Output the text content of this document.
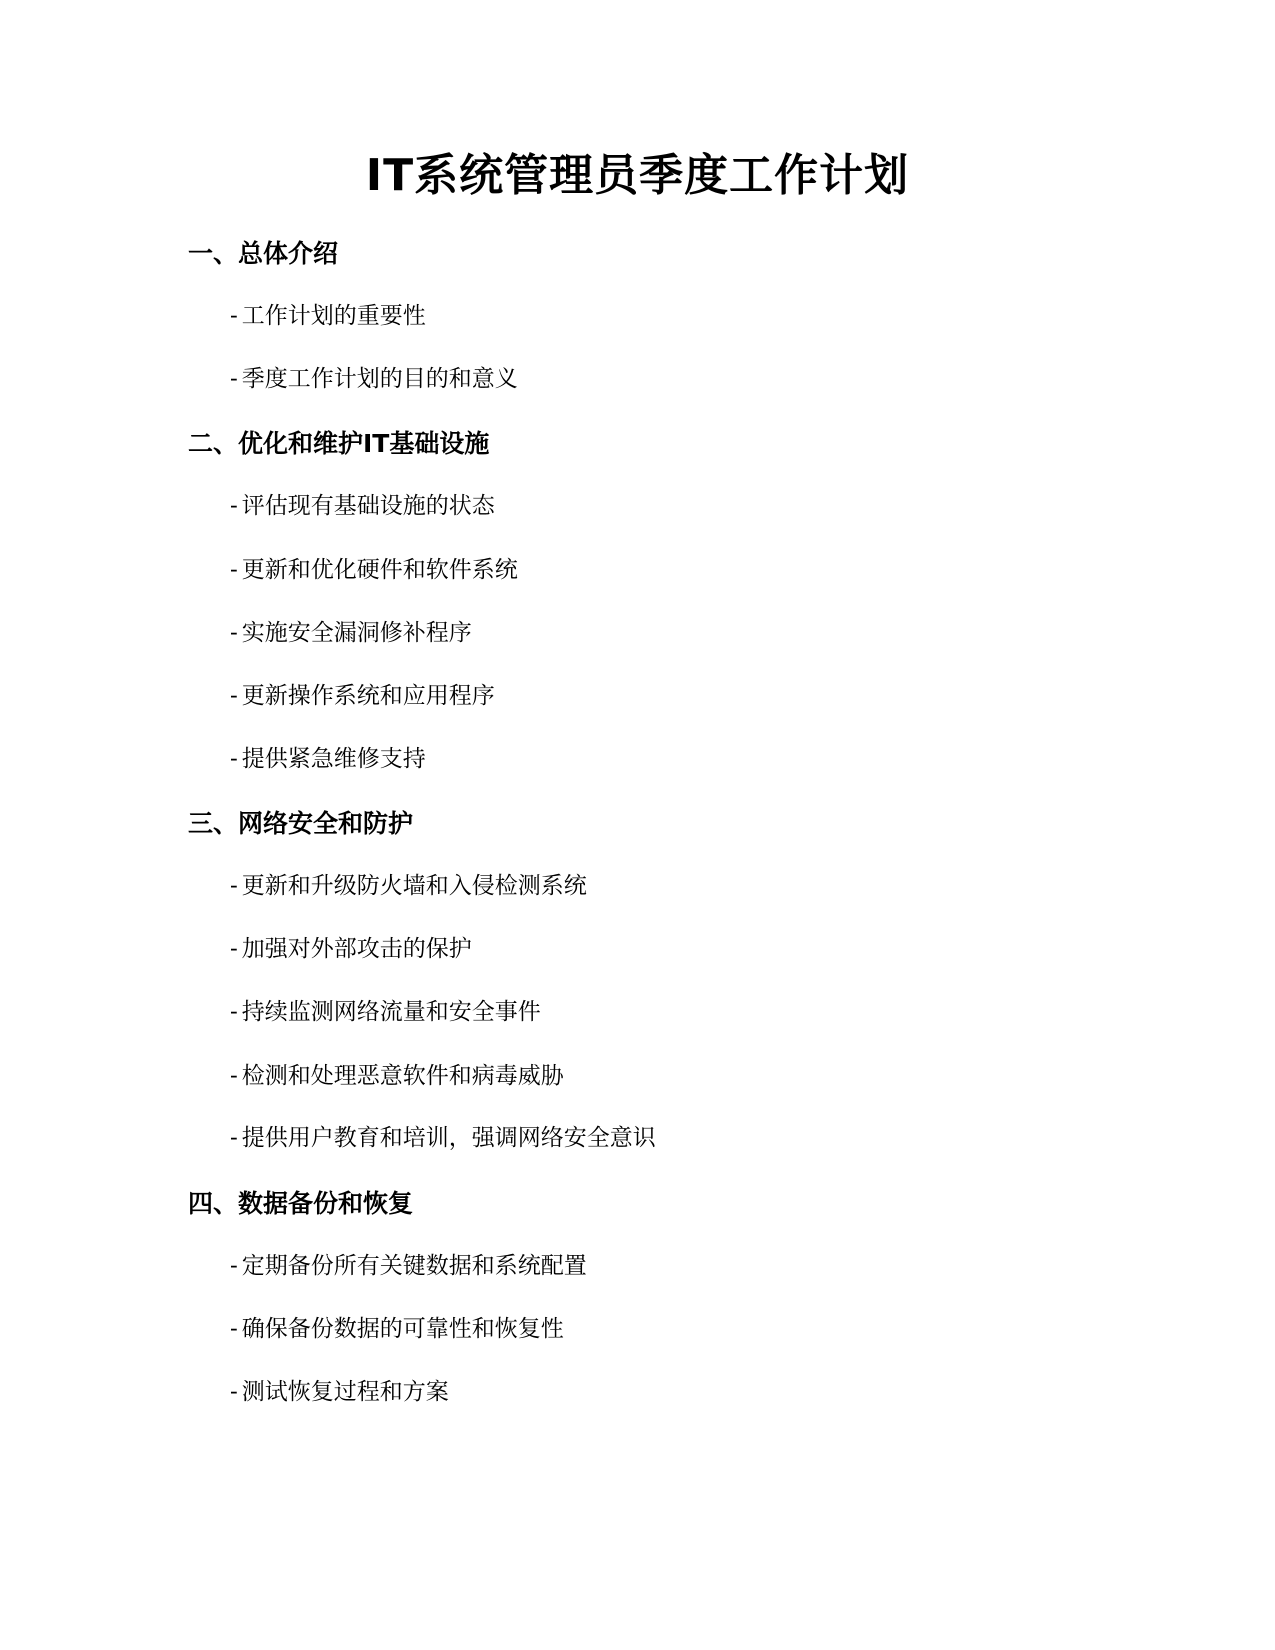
IT系统管理员季度工作计划
一、总体介绍

- 工作计划的重要性

- 季度工作计划的目的和意义

二、优化和维护IT基础设施

- 评估现有基础设施的状态

- 更新和优化硬件和软件系统

- 实施安全漏洞修补程序

- 更新操作系统和应用程序

- 提供紧急维修支持

三、网络安全和防护

- 更新和升级防火墙和入侵检测系统

- 加强对外部攻击的保护

- 持续监测网络流量和安全事件

- 检测和处理恶意软件和病毒威胁

- 提供用户教育和培训，强调网络安全意识

四、数据备份和恢复

- 定期备份所有关键数据和系统配置

- 确保备份数据的可靠性和恢复性

- 测试恢复过程和方案
